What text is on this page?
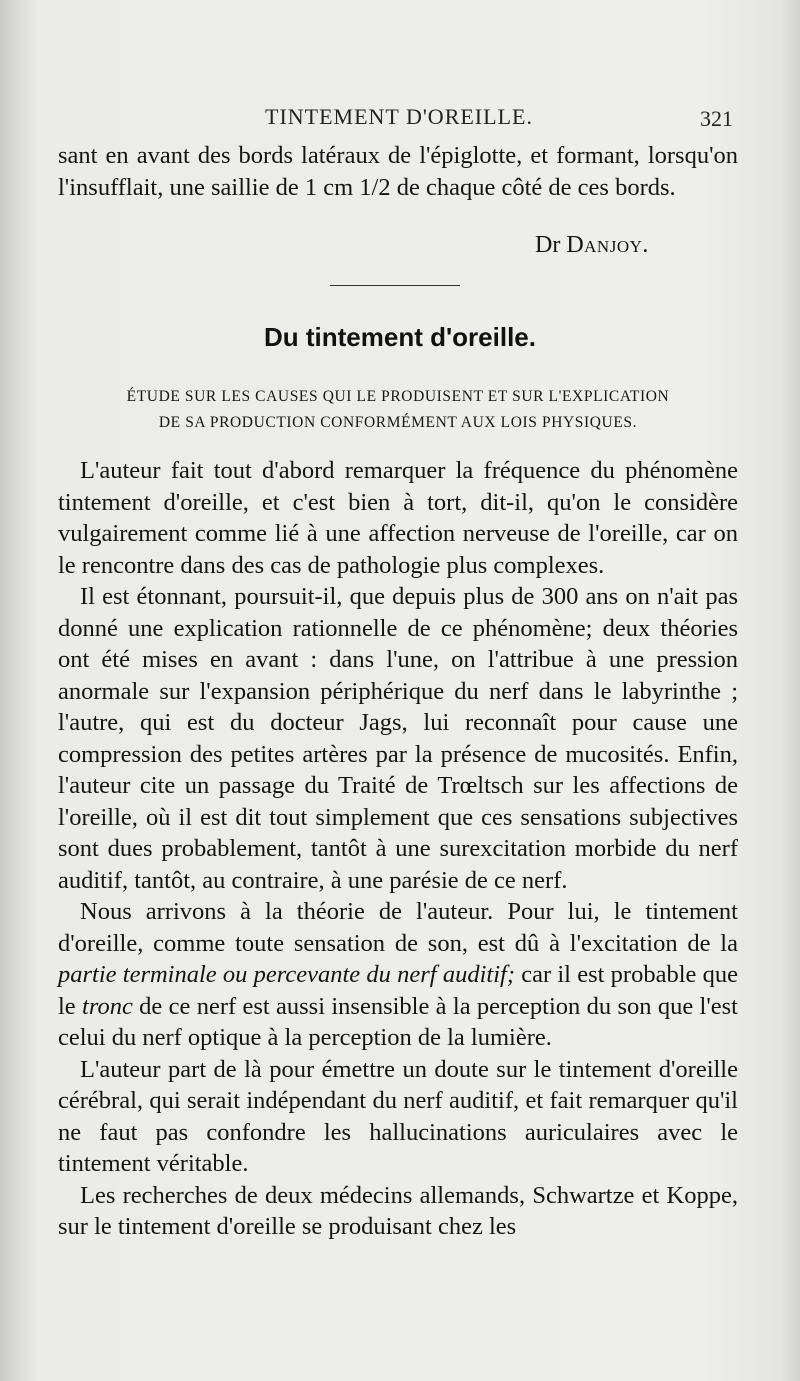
TINTEMENT D'OREILLE.	321

sant en avant des bords latéraux de l'épiglotte, et formant, lorsqu'on l'insufflait, une saillie de 1 cm 1/2 de chaque côté de ces bords.

Dr Danjoy.
Du tintement d'oreille.
ÉTUDE SUR LES CAUSES QUI LE PRODUISENT ET SUR L'EXPLICATION
DE SA PRODUCTION CONFORMÉMENT AUX LOIS PHYSIQUES.

L'auteur fait tout d'abord remarquer la fréquence du phénomène tintement d'oreille, et c'est bien à tort, dit-il, qu'on le considère vulgairement comme lié à une affection nerveuse de l'oreille, car on le rencontre dans des cas de pathologie plus complexes.

Il est étonnant, poursuit-il, que depuis plus de 300 ans on n'ait pas donné une explication rationnelle de ce phénomène; deux théories ont été mises en avant : dans l'une, on l'attribue à une pression anormale sur l'expansion périphérique du nerf dans le labyrinthe ; l'autre, qui est du docteur Jags, lui reconnaît pour cause une compression des petites artères par la présence de mucosités. Enfin, l'auteur cite un passage du Traité de Trœltsch sur les affections de l'oreille, où il est dit tout simplement que ces sensations subjectives sont dues probablement, tantôt à une surexcitation morbide du nerf auditif, tantôt, au contraire, à une parésie de ce nerf.

Nous arrivons à la théorie de l'auteur. Pour lui, le tintement d'oreille, comme toute sensation de son, est dû à l'excitation de la partie terminale ou percevante du nerf auditif; car il est probable que le tronc de ce nerf est aussi insensible à la perception du son que l'est celui du nerf optique à la perception de la lumière.

L'auteur part de là pour émettre un doute sur le tintement d'oreille cérébral, qui serait indépendant du nerf auditif, et fait remarquer qu'il ne faut pas confondre les hallucinations auriculaires avec le tintement véritable.

Les recherches de deux médecins allemands, Schwartze et Koppe, sur le tintement d'oreille se produisant chez les
